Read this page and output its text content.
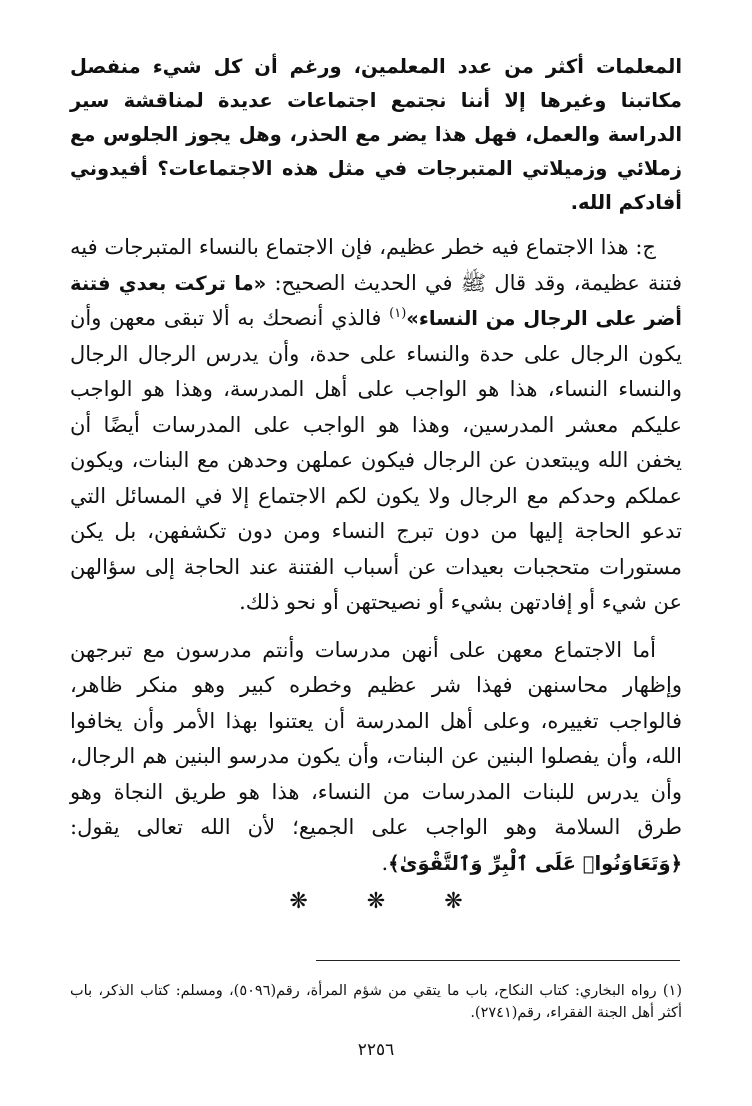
المعلمات أكثر من عدد المعلمين، ورغم أن كل شيء منفصل مكاتبنا وغيرها إلا أننا نجتمع اجتماعات عديدة لمناقشة سير الدراسة والعمل، فهل هذا يضر مع الحذر، وهل يجوز الجلوس مع زملائي وزميلاتي المتبرجات في مثل هذه الاجتماعات؟ أفيدوني أفادكم الله.

ج: هذا الاجتماع فيه خطر عظيم، فإن الاجتماع بالنساء المتبرجات فيه فتنة عظيمة، وقد قال ﷺ في الحديث الصحيح: «ما تركت بعدي فتنة أضر على الرجال من النساء»$^{(١)}$ فالذي أنصحك به ألا تبقى معهن وأن يكون الرجال على حدة والنساء على حدة، وأن يدرس الرجال الرجال والنساء النساء، هذا هو الواجب على أهل المدرسة، وهذا هو الواجب عليكم معشر المدرسين، وهذا هو الواجب على المدرسات أيضًا أن يخفن الله ويبتعدن عن الرجال فيكون عملهن وحدهن مع البنات، ويكون عملكم وحدكم مع الرجال ولا يكون لكم الاجتماع إلا في المسائل التي تدعو الحاجة إليها من دون تبرج النساء ومن دون تكشفهن، بل يكن مستورات متحجبات بعيدات عن أسباب الفتنة عند الحاجة إلى سؤالهن عن شيء أو إفادتهن بشيء أو نصيحتهن أو نحو ذلك.

أما الاجتماع معهن على أنهن مدرسات وأنتم مدرسون مع تبرجهن وإظهار محاسنهن فهذا شر عظيم وخطره كبير وهو منكر ظاهر، فالواجب تغييره، وعلى أهل المدرسة أن يعتنوا بهذا الأمر وأن يخافوا الله، وأن يفصلوا البنين عن البنات، وأن يكون مدرسو البنين هم الرجال، وأن يدرس للبنات المدرسات من النساء، هذا هو طريق النجاة وهو طرق السلامة وهو الواجب على الجميع؛ لأن الله تعالى يقول: ﴿وَتَعَاوَنُوا۟ عَلَى ٱلْبِرِّ وَٱلتَّقْوَىٰ﴾.

❋	❋	❋
(١) رواه البخاري: كتاب النكاح، باب ما يتقي من شؤم المرأة، رقم(٥٠٩٦)، ومسلم: كتاب الذكر، باب أكثر أهل الجنة الفقراء، رقم(٢٧٤١).
٢٢٥٦
